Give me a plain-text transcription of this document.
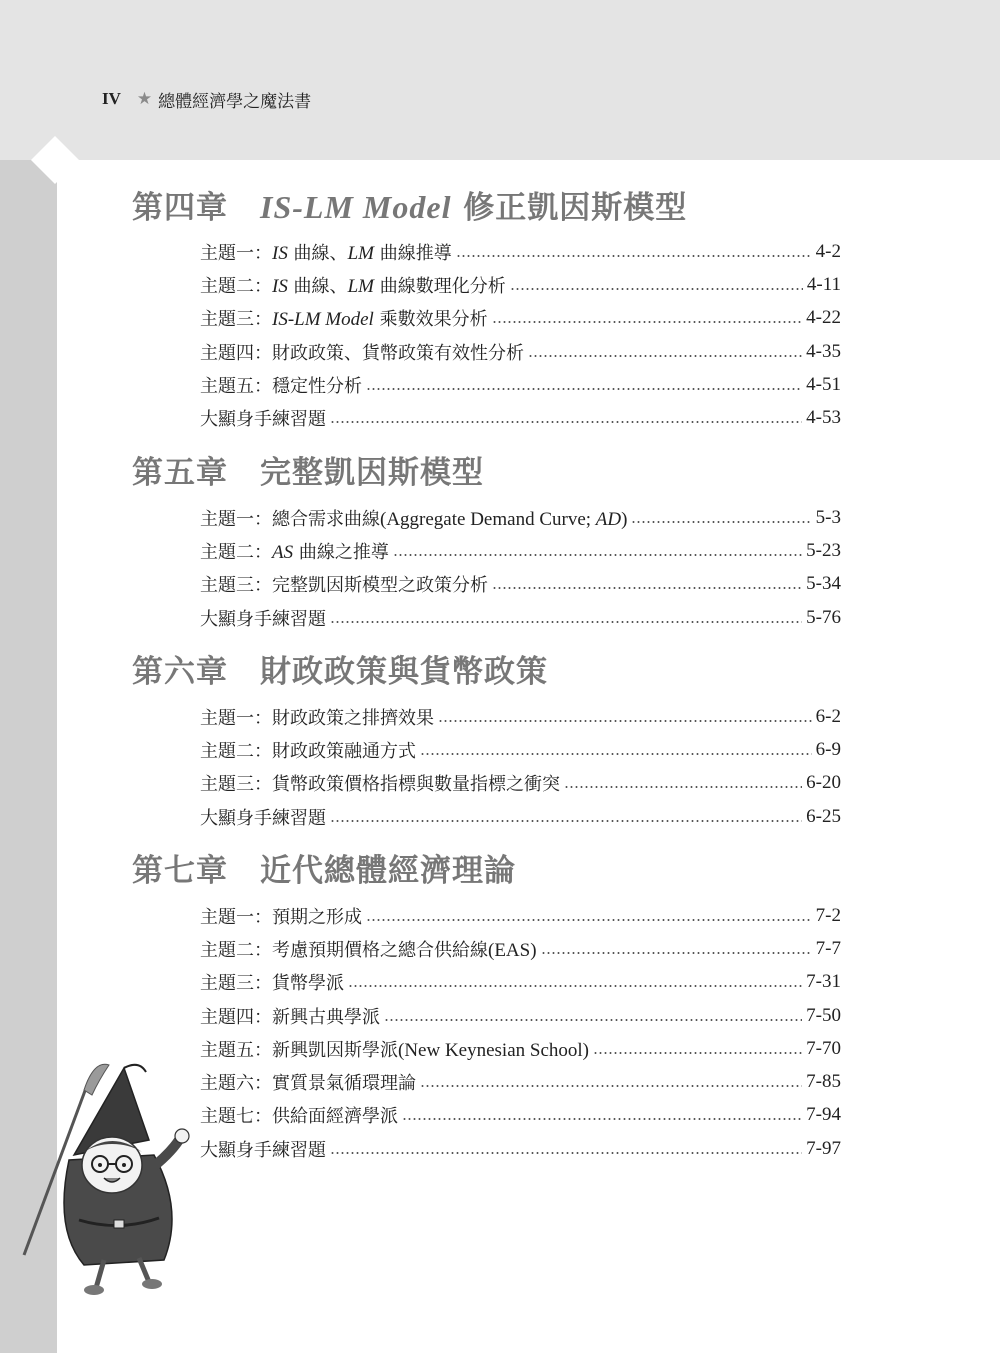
IV ★ 總體經濟學之魔法書
第四章 IS-LM Model 修正凱因斯模型
主題一：IS 曲線、LM 曲線推導	4-2
主題二：IS 曲線、LM 曲線數理化分析	4-11
主題三：IS-LM Model 乘數效果分析	4-22
主題四：財政政策、貨幣政策有效性分析	4-35
主題五：穩定性分析	4-51
大顯身手練習題	4-53
第五章 完整凱因斯模型
主題一：總合需求曲線(Aggregate Demand Curve; AD)	5-3
主題二：AS 曲線之推導	5-23
主題三：完整凱因斯模型之政策分析	5-34
大顯身手練習題	5-76
第六章 財政政策與貨幣政策
主題一：財政政策之排擠效果	6-2
主題二：財政政策融通方式	6-9
主題三：貨幣政策價格指標與數量指標之衝突	6-20
大顯身手練習題	6-25
第七章 近代總體經濟理論
主題一：預期之形成	7-2
主題二：考慮預期價格之總合供給線(EAS)	7-7
主題三：貨幣學派	7-31
主題四：新興古典學派	7-50
主題五：新興凱因斯學派(New Keynesian School)	7-70
主題六：實質景氣循環理論	7-85
主題七：供給面經濟學派	7-94
大顯身手練習題	7-97
